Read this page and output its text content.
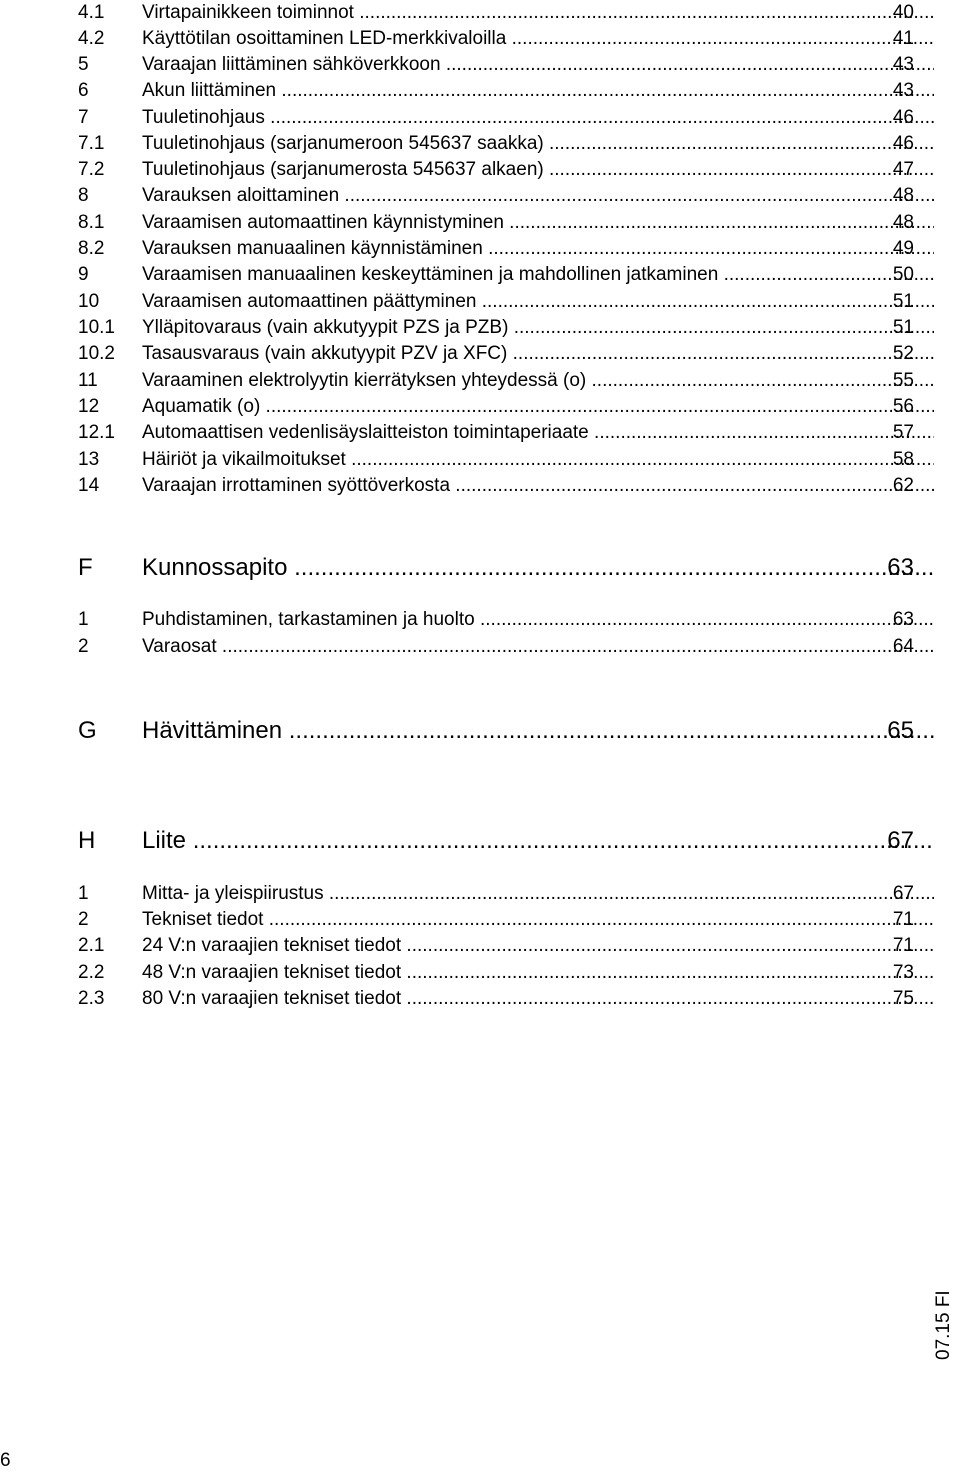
4.1 Virtapainikkeen toiminnot .....	40
4.2 Käyttötilan osoittaminen LED-merkkivaloilla .....	41
5	Varaajan liittäminen sähköverkkoon .....	43
6	Akun liittäminen .....	43
7	Tuuletinohjaus .....	46
7.1 Tuuletinohjaus (sarjanumeroon 545637 saakka) .....	46
7.2 Tuuletinohjaus (sarjanumerosta 545637 alkaen) .....	47
8	Varauksen aloittaminen .....	48
8.1 Varaamisen automaattinen käynnistyminen .....	48
8.2 Varauksen manuaalinen käynnistäminen .....	49
9	Varaamisen manuaalinen keskeyttäminen ja mahdollinen jatkaminen .....	50
10 Varaamisen automaattinen päättyminen .....	51
10.1 Ylläpitovaraus (vain akkutyypit PZS ja PZB) .....	51
10.2 Tasausvaraus (vain akkutyypit PZV ja XFC) .....	52
11 Varaaminen elektrolyytin kierrätyksen yhteydessä (o) .....	55
12 Aquamatik (o) .....	56
12.1 Automaattisen vedenlisäyslaitteiston toimintaperiaate .....	57
13 Häiriöt ja vikailmoitukset .....	58
14 Varaajan irrottaminen syöttöverkosta .....	62
F Kunnossapito .....	63
1	Puhdistaminen, tarkastaminen ja huolto .....	63
2	Varaosat .....	64
G Hävittäminen .....	65
H Liite .....	67
1	Mitta- ja yleispiirustus .....	67
2	Tekniset tiedot .....	71
2.1 24 V:n varaajien tekniset tiedot .....	71
2.2 48 V:n varaajien tekniset tiedot .....	73
2.3 80 V:n varaajien tekniset tiedot .....	75
07.15 FI
6
